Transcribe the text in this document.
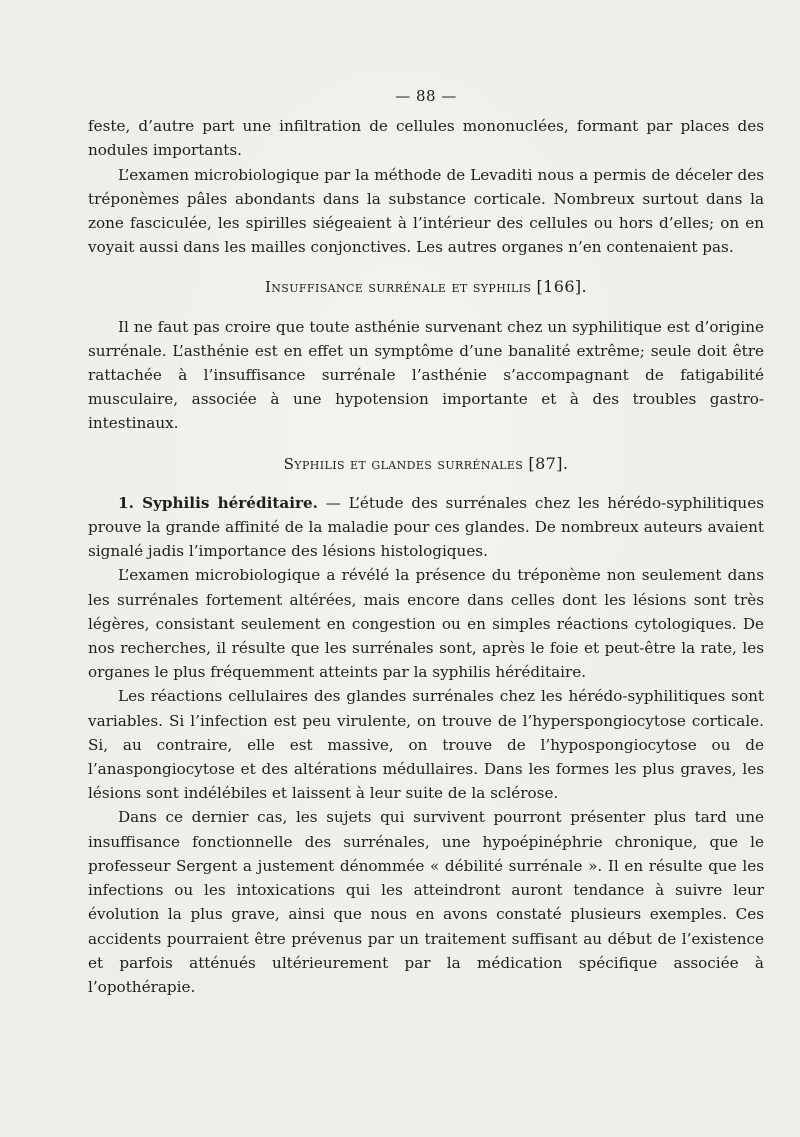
— 88 —

feste, d’autre part une infiltration de cellules mononuclées, formant par places des nodules importants.

L’examen microbiologique par la méthode de Levaditi nous a permis de déceler des tréponèmes pâles abondants dans la substance corticale. Nombreux surtout dans la zone fasciculée, les spirilles siégeaient à l’intérieur des cellules ou hors d’elles; on en voyait aussi dans les mailles conjonctives. Les autres organes n’en contenaient pas.

Insuffisance surrénale et syphilis [166].

Il ne faut pas croire que toute asthénie survenant chez un syphilitique est d’origine surrénale. L’asthénie est en effet un symptôme d’une banalité extrême; seule doit être rattachée à l’insuffisance surrénale l’asthénie s’accompagnant de fatigabilité musculaire, associée à une hypotension importante et à des troubles gastro-intestinaux.

Syphilis et glandes surrénales [87].

1. Syphilis héréditaire. — L’étude des surrénales chez les hérédo-syphilitiques prouve la grande affinité de la maladie pour ces glandes. De nombreux auteurs avaient signalé jadis l’importance des lésions histologiques.

L’examen microbiologique a révélé la présence du tréponème non seulement dans les surrénales fortement altérées, mais encore dans celles dont les lésions sont très légères, consistant seulement en congestion ou en simples réactions cytologiques. De nos recherches, il résulte que les surrénales sont, après le foie et peut-être la rate, les organes le plus fréquemment atteints par la syphilis héréditaire.

Les réactions cellulaires des glandes surrénales chez les hérédo-syphilitiques sont variables. Si l’infection est peu virulente, on trouve de l’hyperspongiocytose corticale. Si, au contraire, elle est massive, on trouve de l’hypospongiocytose ou de l’anaspongiocytose et des altérations médullaires. Dans les formes les plus graves, les lésions sont indélébiles et laissent à leur suite de la sclérose.

Dans ce dernier cas, les sujets qui survivent pourront présenter plus tard une insuffisance fonctionnelle des surrénales, une hypoépinéphrie chronique, que le professeur Sergent a justement dénommée « débilité surrénale ». Il en résulte que les infections ou les intoxications qui les atteindront auront tendance à suivre leur évolution la plus grave, ainsi que nous en avons constaté plusieurs exemples. Ces accidents pourraient être prévenus par un traitement suffisant au début de l’existence et parfois atténués ultérieurement par la médication spécifique associée à l’opothérapie.
